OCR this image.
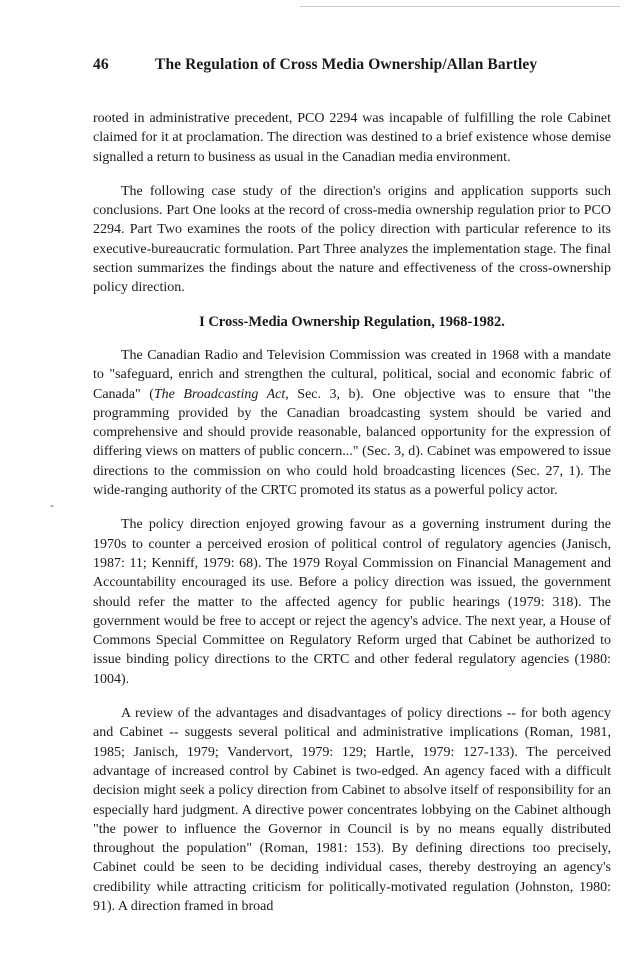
-
46	The Regulation of Cross Media Ownership/Allan Bartley

rooted in administrative precedent, PCO 2294 was incapable of fulfilling the role Cabinet claimed for it at proclamation. The direction was destined to a brief existence whose demise signalled a return to business as usual in the Canadian media environment.

The following case study of the direction's origins and application supports such conclusions. Part One looks at the record of cross-media ownership regulation prior to PCO 2294. Part Two examines the roots of the policy direction with particular reference to its executive-bureaucratic formulation. Part Three analyzes the implementation stage. The final section summarizes the findings about the nature and effectiveness of the cross-ownership policy direction.

I Cross-Media Ownership Regulation, 1968-1982.

The Canadian Radio and Television Commission was created in 1968 with a mandate to "safeguard, enrich and strengthen the cultural, political, social and economic fabric of Canada" (The Broadcasting Act, Sec. 3, b). One objective was to ensure that "the programming provided by the Canadian broadcasting system should be varied and comprehensive and should provide reasonable, balanced opportunity for the expression of differing views on matters of public concern..." (Sec. 3, d). Cabinet was empowered to issue directions to the commission on who could hold broadcasting licences (Sec. 27, 1). The wide-ranging authority of the CRTC promoted its status as a powerful policy actor.

The policy direction enjoyed growing favour as a governing instrument during the 1970s to counter a perceived erosion of political control of regulatory agencies (Janisch, 1987: 11; Kenniff, 1979: 68). The 1979 Royal Commission on Financial Management and Accountability encouraged its use. Before a policy direction was issued, the government should refer the matter to the affected agency for public hearings (1979: 318). The government would be free to accept or reject the agency's advice. The next year, a House of Commons Special Committee on Regulatory Reform urged that Cabinet be authorized to issue binding policy directions to the CRTC and other federal regulatory agencies (1980: 1004).

A review of the advantages and disadvantages of policy directions -- for both agency and Cabinet -- suggests several political and administrative implications (Roman, 1981, 1985; Janisch, 1979; Vandervort, 1979: 129; Hartle, 1979: 127-133). The perceived advantage of increased control by Cabinet is two-edged. An agency faced with a difficult decision might seek a policy direction from Cabinet to absolve itself of responsibility for an especially hard judgment. A directive power concentrates lobbying on the Cabinet although "the power to influence the Governor in Council is by no means equally distributed throughout the population" (Roman, 1981: 153). By defining directions too precisely, Cabinet could be seen to be deciding individual cases, thereby destroying an agency's credibility while attracting criticism for politically-motivated regulation (Johnston, 1980: 91). A direction framed in broad
